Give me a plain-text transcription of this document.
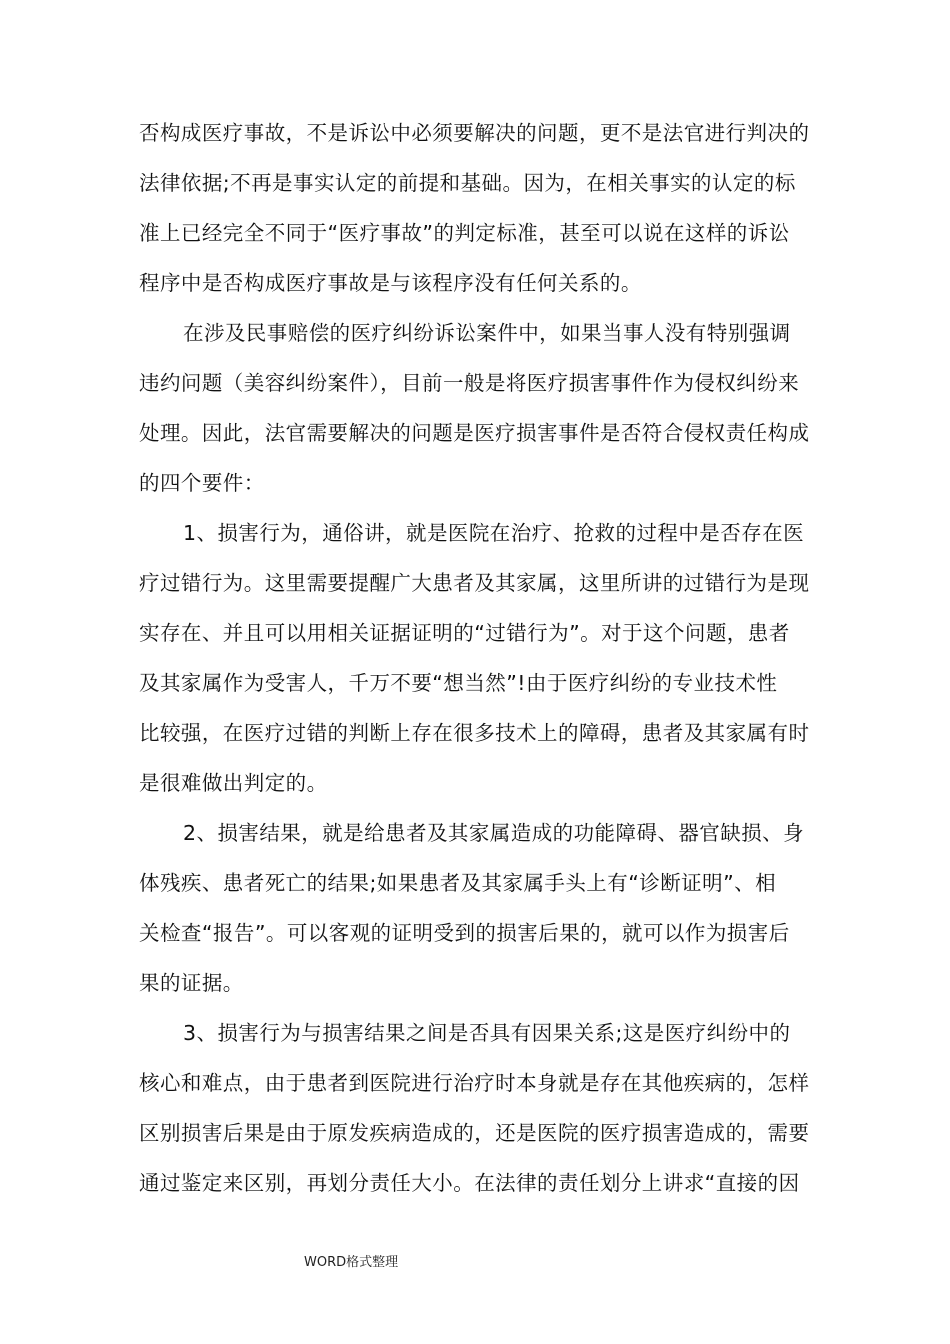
否构成医疗事故，不是诉讼中必须要解决的问题，更不是法官进行判决的
法律依据;不再是事实认定的前提和基础。因为，在相关事实的认定的标
准上已经完全不同于“医疗事故”的判定标准，甚至可以说在这样的诉讼
程序中是否构成医疗事故是与该程序没有任何关系的。
在涉及民事赔偿的医疗纠纷诉讼案件中，如果当事人没有特别强调
违约问题（美容纠纷案件），目前一般是将医疗损害事件作为侵权纠纷来
处理。因此，法官需要解决的问题是医疗损害事件是否符合侵权责任构成
的四个要件：
1、损害行为，通俗讲，就是医院在治疗、抢救的过程中是否存在医
疗过错行为。这里需要提醒广大患者及其家属，这里所讲的过错行为是现
实存在、并且可以用相关证据证明的“过错行为”。对于这个问题，患者
及其家属作为受害人，千万不要“想当然”!由于医疗纠纷的专业技术性
比较强，在医疗过错的判断上存在很多技术上的障碍，患者及其家属有时
是很难做出判定的。
2、损害结果，就是给患者及其家属造成的功能障碍、器官缺损、身
体残疾、患者死亡的结果;如果患者及其家属手头上有“诊断证明”、相
关检查“报告”。可以客观的证明受到的损害后果的，就可以作为损害后
果的证据。
3、损害行为与损害结果之间是否具有因果关系;这是医疗纠纷中的
核心和难点，由于患者到医院进行治疗时本身就是存在其他疾病的，怎样
区别损害后果是由于原发疾病造成的，还是医院的医疗损害造成的，需要
通过鉴定来区别，再划分责任大小。在法律的责任划分上讲求“直接的因
WORD格式整理
